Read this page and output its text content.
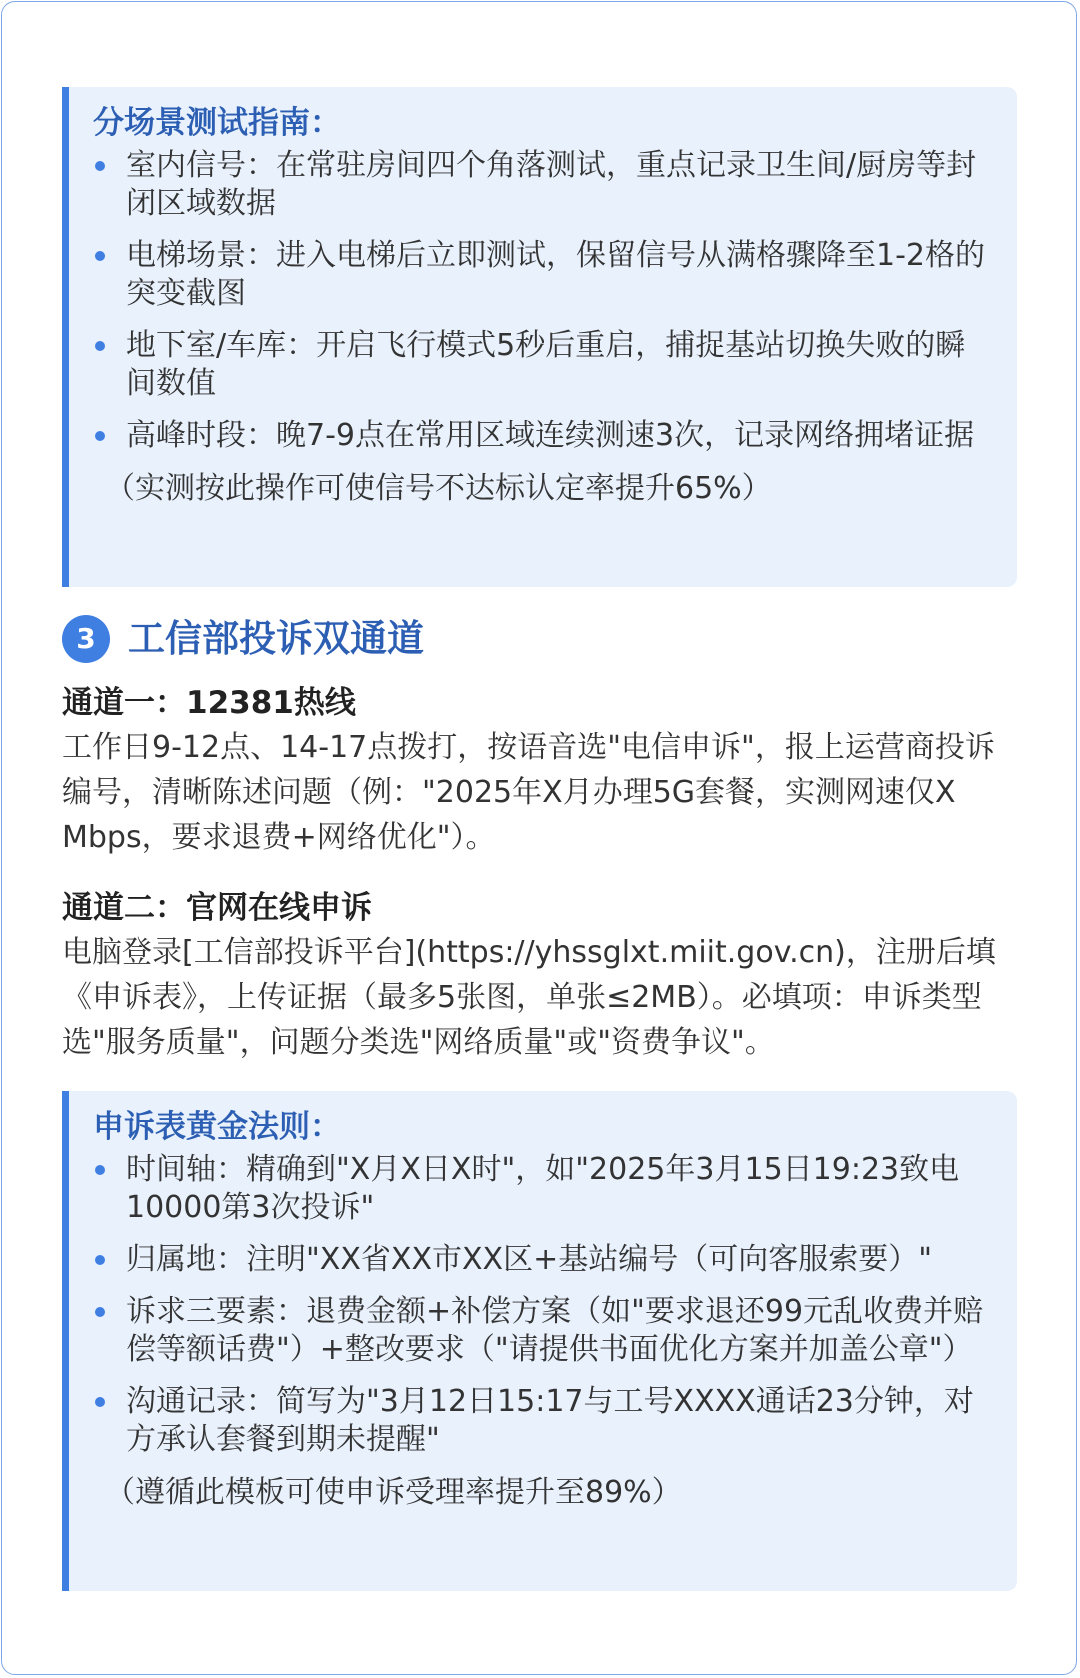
分场景测试指南：
室内信号：在常驻房间四个角落测试，重点记录卫生间/厨房等封闭区域数据
电梯场景：进入电梯后立即测试，保留信号从满格骤降至1-2格的突变截图
地下室/车库：开启飞行模式5秒后重启，捕捉基站切换失败的瞬间数值
高峰时段：晚7-9点在常用区域连续测速3次，记录网络拥堵证据
（实测按此操作可使信号不达标认定率提升65%）
3 工信部投诉双通道
通道一：12381热线

工作日9-12点、14-17点拨打，按语音选"电信申诉"，报上运营商投诉编号，清晰陈述问题（例："2025年X月办理5G套餐，实测网速仅X Mbps，要求退费+网络优化"）。

通道二：官网在线申诉

电脑登录[工信部投诉平台](https://yhssglxt.miit.gov.cn)，注册后填《申诉表》，上传证据（最多5张图，单张≤2MB）。必填项：申诉类型选"服务质量"，问题分类选"网络质量"或"资费争议"。

申诉表黄金法则：
时间轴：精确到"X月X日X时"，如"2025年3月15日19:23致电10000第3次投诉"
归属地：注明"XX省XX市XX区+基站编号（可向客服索要）"
诉求三要素：退费金额+补偿方案（如"要求退还99元乱收费并赔偿等额话费"）+整改要求（"请提供书面优化方案并加盖公章"）
沟通记录：简写为"3月12日15:17与工号XXXX通话23分钟，对方承认套餐到期未提醒"
（遵循此模板可使申诉受理率提升至89%）
